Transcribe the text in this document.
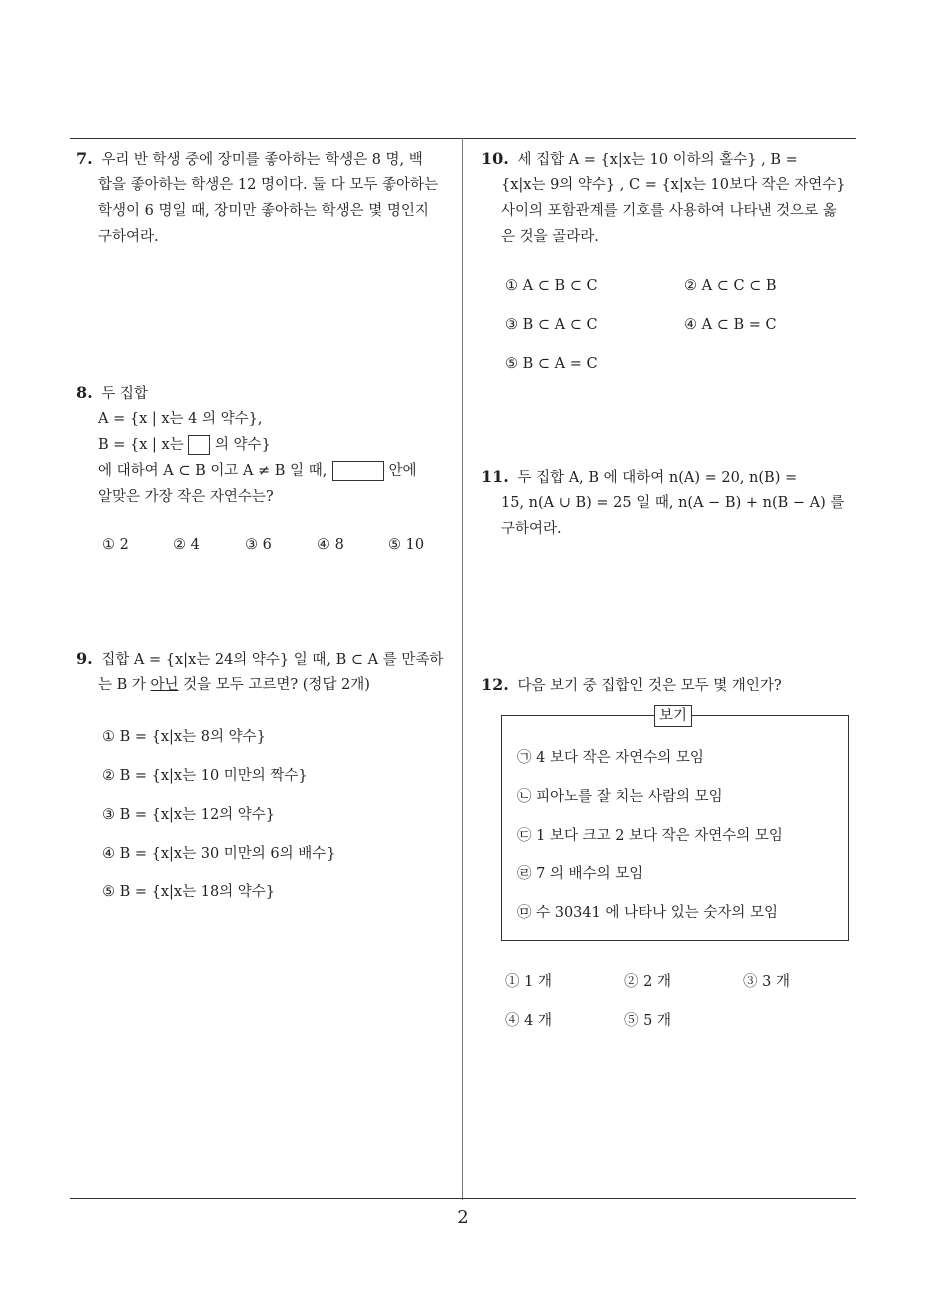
7. 우리 반 학생 중에 장미를 좋아하는 학생은 8 명, 백
합을 좋아하는 학생은 12 명이다. 둘 다 모두 좋아하는
학생이 6 명일 때, 장미만 좋아하는 학생은 몇 명인지
구하여라.
8. 두 집합
A = {x | x는 4 의 약수},
B = {x | x는 의 약수}
에 대하여 A ⊂ B 이고 A ≠ B 일 때,	안에
알맞은 가장 작은 자연수는?
① 2	② 4	③ 6	④ 8	⑤ 10
9. 집합 A = {x|x는 24의 약수} 일 때, B ⊂ A 를 만족하
는 B 가 아닌 것을 모두 고르면? (정답 2개)
① B = {x|x는 8의 약수}
② B = {x|x는 10 미만의 짝수}
③ B = {x|x는 12의 약수}
④ B = {x|x는 30 미만의 6의 배수}
⑤ B = {x|x는 18의 약수}
10. 세 집합 A = {x|x는 10 이하의 홀수} , B =
{x|x는 9의 약수} , C = {x|x는 10보다 작은 자연수}
사이의 포함관계를 기호를 사용하여 나타낸 것으로 옳
은 것을 골라라.
① A ⊂ B ⊂ C	② A ⊂ C ⊂ B
③ B ⊂ A ⊂ C	④ A ⊂ B = C
⑤ B ⊂ A = C
11. 두 집합 A, B 에 대하여 n(A) = 20, n(B) =
15, n(A ∪ B) = 25 일 때, n(A − B) + n(B − A) 를
구하여라.
12. 다음 보기 중 집합인 것은 모두 몇 개인가?
보기
㉠ 4 보다 작은 자연수의 모임
㉡ 피아노를 잘 치는 사람의 모임
㉢ 1 보다 크고 2 보다 작은 자연수의 모임
㉣ 7 의 배수의 모임
㉤ 수 30341 에 나타나 있는 숫자의 모임
① 1 개	② 2 개	③ 3 개
④ 4 개	⑤ 5 개
2
